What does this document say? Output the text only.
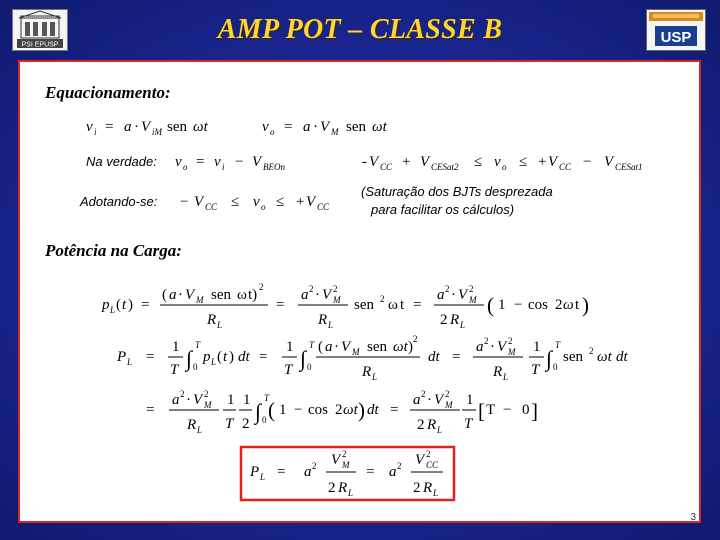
PSI EPUSP	AMP POT – CLASSE B	USP
Equacionamento:
Potência na Carga:
Na verdade:
Adotando-se:
(Saturação dos BJTs desprezada
para facilitar os cálculos)
v i = a · V iM sen ωt	v o = a · V M sen ωt
v o = v i − V BEOn	- V CC + V CESat2 ≤ v o ≤ + V CC − V CESat1
− V CC ≤ v o ≤ + V CC
p L ( t ) =
( a · V M sen ω t) 2
R L
=
a 2 · V 2
M
R L
sen 2 ω t =
a 2 · V 2
M
2 R L
( 1 − cos 2 ω t )
P L =
1
T ∫
T
0
p L ( t ) dt =
1
T ∫
T
0
( a · V M sen ωt ) 2
R L
dt =
a 2 · V 2
M
R L
1
T ∫
T
0
sen 2 ωt dt
=
a 2 · V 2
M
R L
1
T
1
2 ∫
T
0 ( 1 − cos 2 ωt ) dt =
a 2 · V 2
M
2 R L
1
T
[ T − 0 ]
P L = a 2 V 2
M
2 R L
= a 2 V 2
CC
2 R L
3
